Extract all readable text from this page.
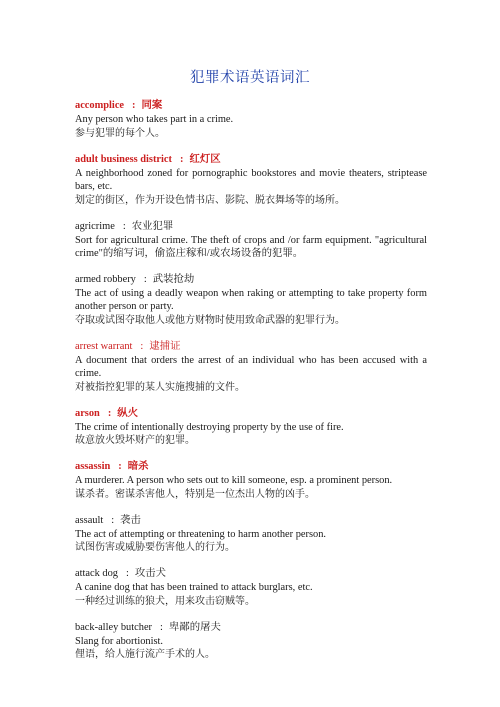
犯罪术语英语词汇
accomplice : 同案
Any person who takes part in a crime.
参与犯罪的每个人。
adult business district : 红灯区
A neighborhood zoned for pornographic bookstores and movie theaters, striptease bars, etc.
划定的街区，作为开设色情书店、影院、脱衣舞场等的场所。
agricrime : 农业犯罪
Sort for agricultural crime. The theft of crops and /or farm equipment. "agricultural crime"的缩写词，偷盗庄稼和/或农场设备的犯罪。
armed robbery : 武装抢劫
The act of using a deadly weapon when raking or attempting to take property form another person or party.
夺取或试图夺取他人或他方财物时使用致命武器的犯罪行为。
arrest warrant : 逮捕证
A document that orders the arrest of an individual who has been accused with a crime.
对被指控犯罪的某人实施搜捕的文件。
arson : 纵火
The crime of intentionally destroying property by the use of fire.
故意放火毁坏财产的犯罪。
assassin : 暗杀
A murderer. A person who sets out to kill someone, esp. a prominent person.
谋杀者。密谋杀害他人，特别是一位杰出人物的凶手。
assault : 袭击
The act of attempting or threatening to harm another person.
试图伤害或威胁要伤害他人的行为。
attack dog : 攻击犬
A canine dog that has been trained to attack burglars, etc.
一种经过训练的狼犬，用来攻击窃贼等。
back-alley butcher : 卑鄙的屠夫
Slang for abortionist.
俚语，给人施行流产手术的人。
